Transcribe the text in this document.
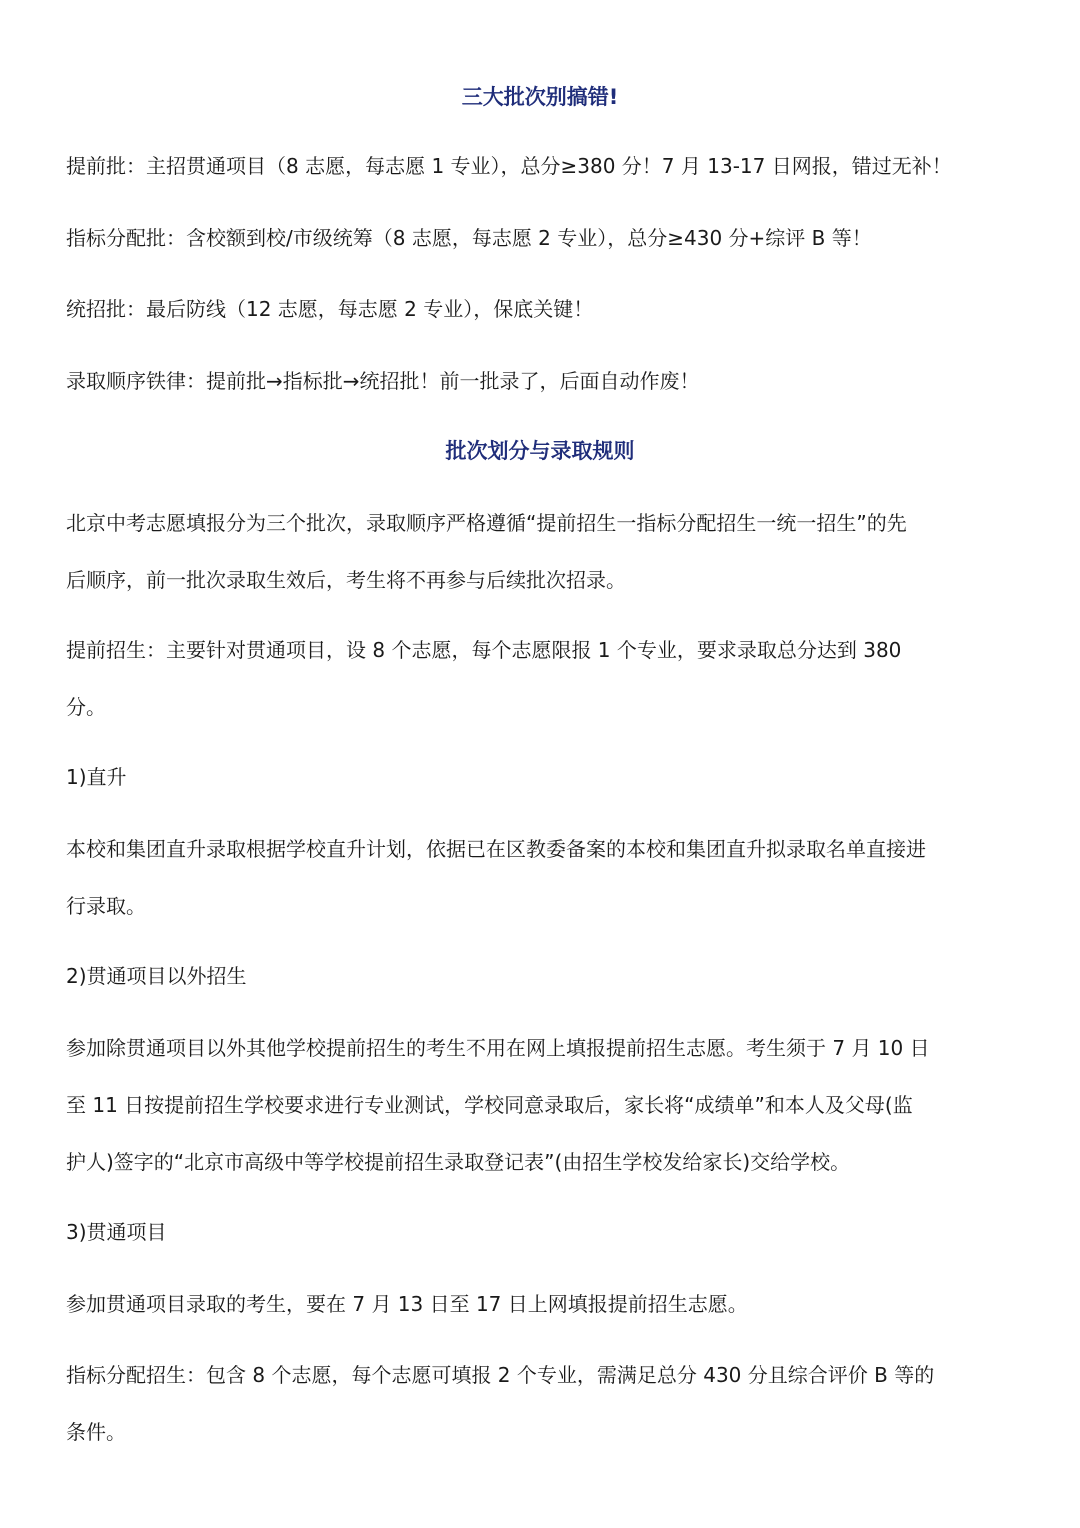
三大批次别搞错!
提前批：主招贯通项目（8 志愿，每志愿 1 专业），总分≥380 分！7 月 13-17 日网报，错过无补！
指标分配批：含校额到校/市级统筹（8 志愿，每志愿 2 专业），总分≥430 分+综评 B 等！
统招批：最后防线（12 志愿，每志愿 2 专业），保底关键！
录取顺序铁律：提前批→指标批→统招批！前一批录了，后面自动作废！
批次划分与录取规则
北京中考志愿填报分为三个批次，录取顺序严格遵循“提前招生一指标分配招生一统一招生”的先
后顺序，前一批次录取生效后，考生将不再参与后续批次招录。
提前招生：主要针对贯通项目，设 8 个志愿，每个志愿限报 1 个专业，要求录取总分达到 380
分。
1)直升
本校和集团直升录取根据学校直升计划，依据已在区教委备案的本校和集团直升拟录取名单直接进
行录取。
2)贯通项目以外招生
参加除贯通项目以外其他学校提前招生的考生不用在网上填报提前招生志愿。考生须于 7 月 10 日
至 11 日按提前招生学校要求进行专业测试，学校同意录取后，家长将“成绩单”和本人及父母(监
护人)签字的“北京市高级中等学校提前招生录取登记表”(由招生学校发给家长)交给学校。
3)贯通项目
参加贯通项目录取的考生，要在 7 月 13 日至 17 日上网填报提前招生志愿。
指标分配招生：包含 8 个志愿，每个志愿可填报 2 个专业，需满足总分 430 分且综合评价 B 等的
条件。
